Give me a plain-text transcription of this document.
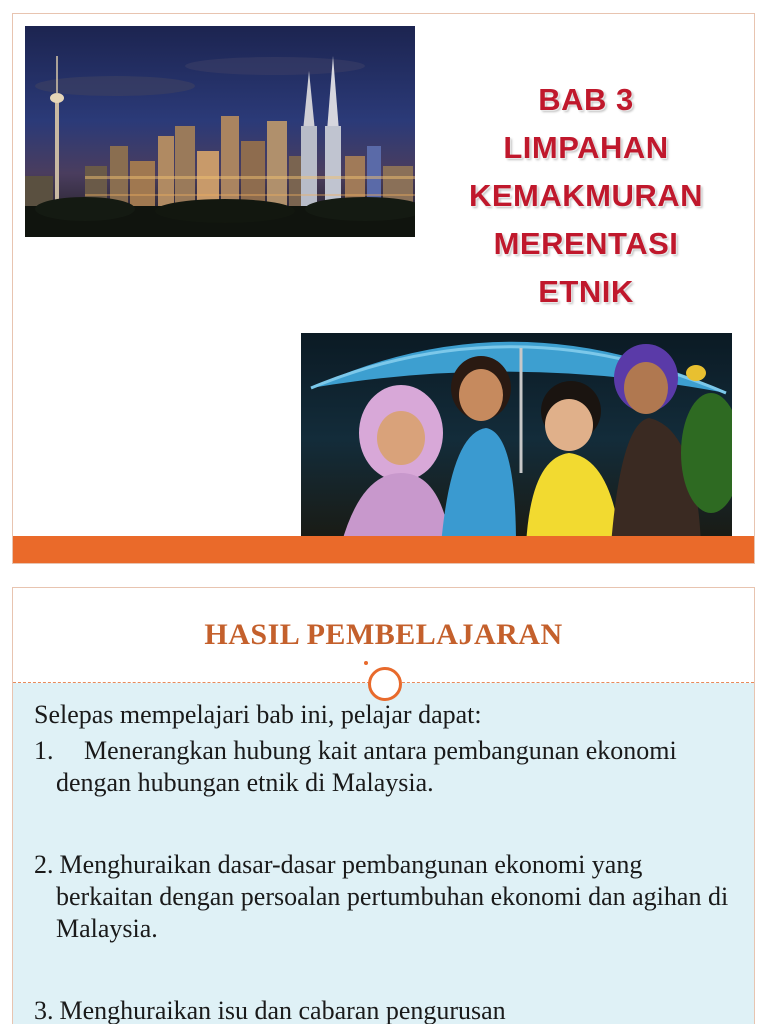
BAB 3
LIMPAHAN
KEMAKMURAN
MERENTASI
ETNIK
HASIL PEMBELAJARAN
Selepas mempelajari bab ini, pelajar dapat:
1. Menerangkan hubung kait antara pembangunan ekonomi dengan hubungan etnik di Malaysia.
2. Menghuraikan dasar-dasar pembangunan ekonomi yang berkaitan dengan persoalan pertumbuhan ekonomi dan agihan di Malaysia.
3. Menghuraikan isu dan cabaran pengurusan
